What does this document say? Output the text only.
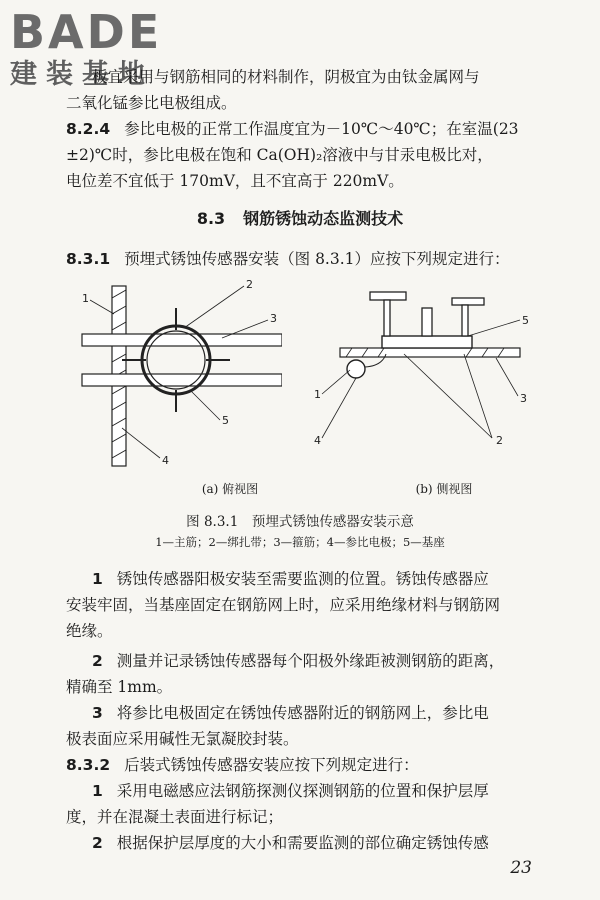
BADE
建装基地

板宜采用与钢筋相同的材料制作，阴极宜为由钛金属网与

二氧化锰参比电极组成。

8.2.4 参比电极的正常工作温度宜为－10℃～40℃；在室温(23

±2)℃时，参比电极在饱和 Ca(OH)₂溶液中与甘汞电极比对，

电位差不宜低于 170mV，且不宜高于 220mV。

8.3 钢筋锈蚀动态监测技术

8.3.1 预埋式锈蚀传感器安装（图 8.3.1）应按下列规定进行：

1
2
3
4
5
1
2
3
4
5
(a) 俯视图	(b) 侧视图
图 8.3.1　预埋式锈蚀传感器安装示意
1—主筋；2—绑扎带；3—箍筋；4—参比电极；5—基座

1 锈蚀传感器阳极安装至需要监测的位置。锈蚀传感器应

安装牢固，当基座固定在钢筋网上时，应采用绝缘材料与钢筋网

绝缘。

2 测量并记录锈蚀传感器每个阳极外缘距被测钢筋的距离，

精确至 1mm。

3 将参比电极固定在锈蚀传感器附近的钢筋网上，参比电

极表面应采用碱性无氯凝胶封装。

8.3.2 后装式锈蚀传感器安装应按下列规定进行：

1 采用电磁感应法钢筋探测仪探测钢筋的位置和保护层厚

度，并在混凝土表面进行标记；

2 根据保护层厚度的大小和需要监测的部位确定锈蚀传感

23
